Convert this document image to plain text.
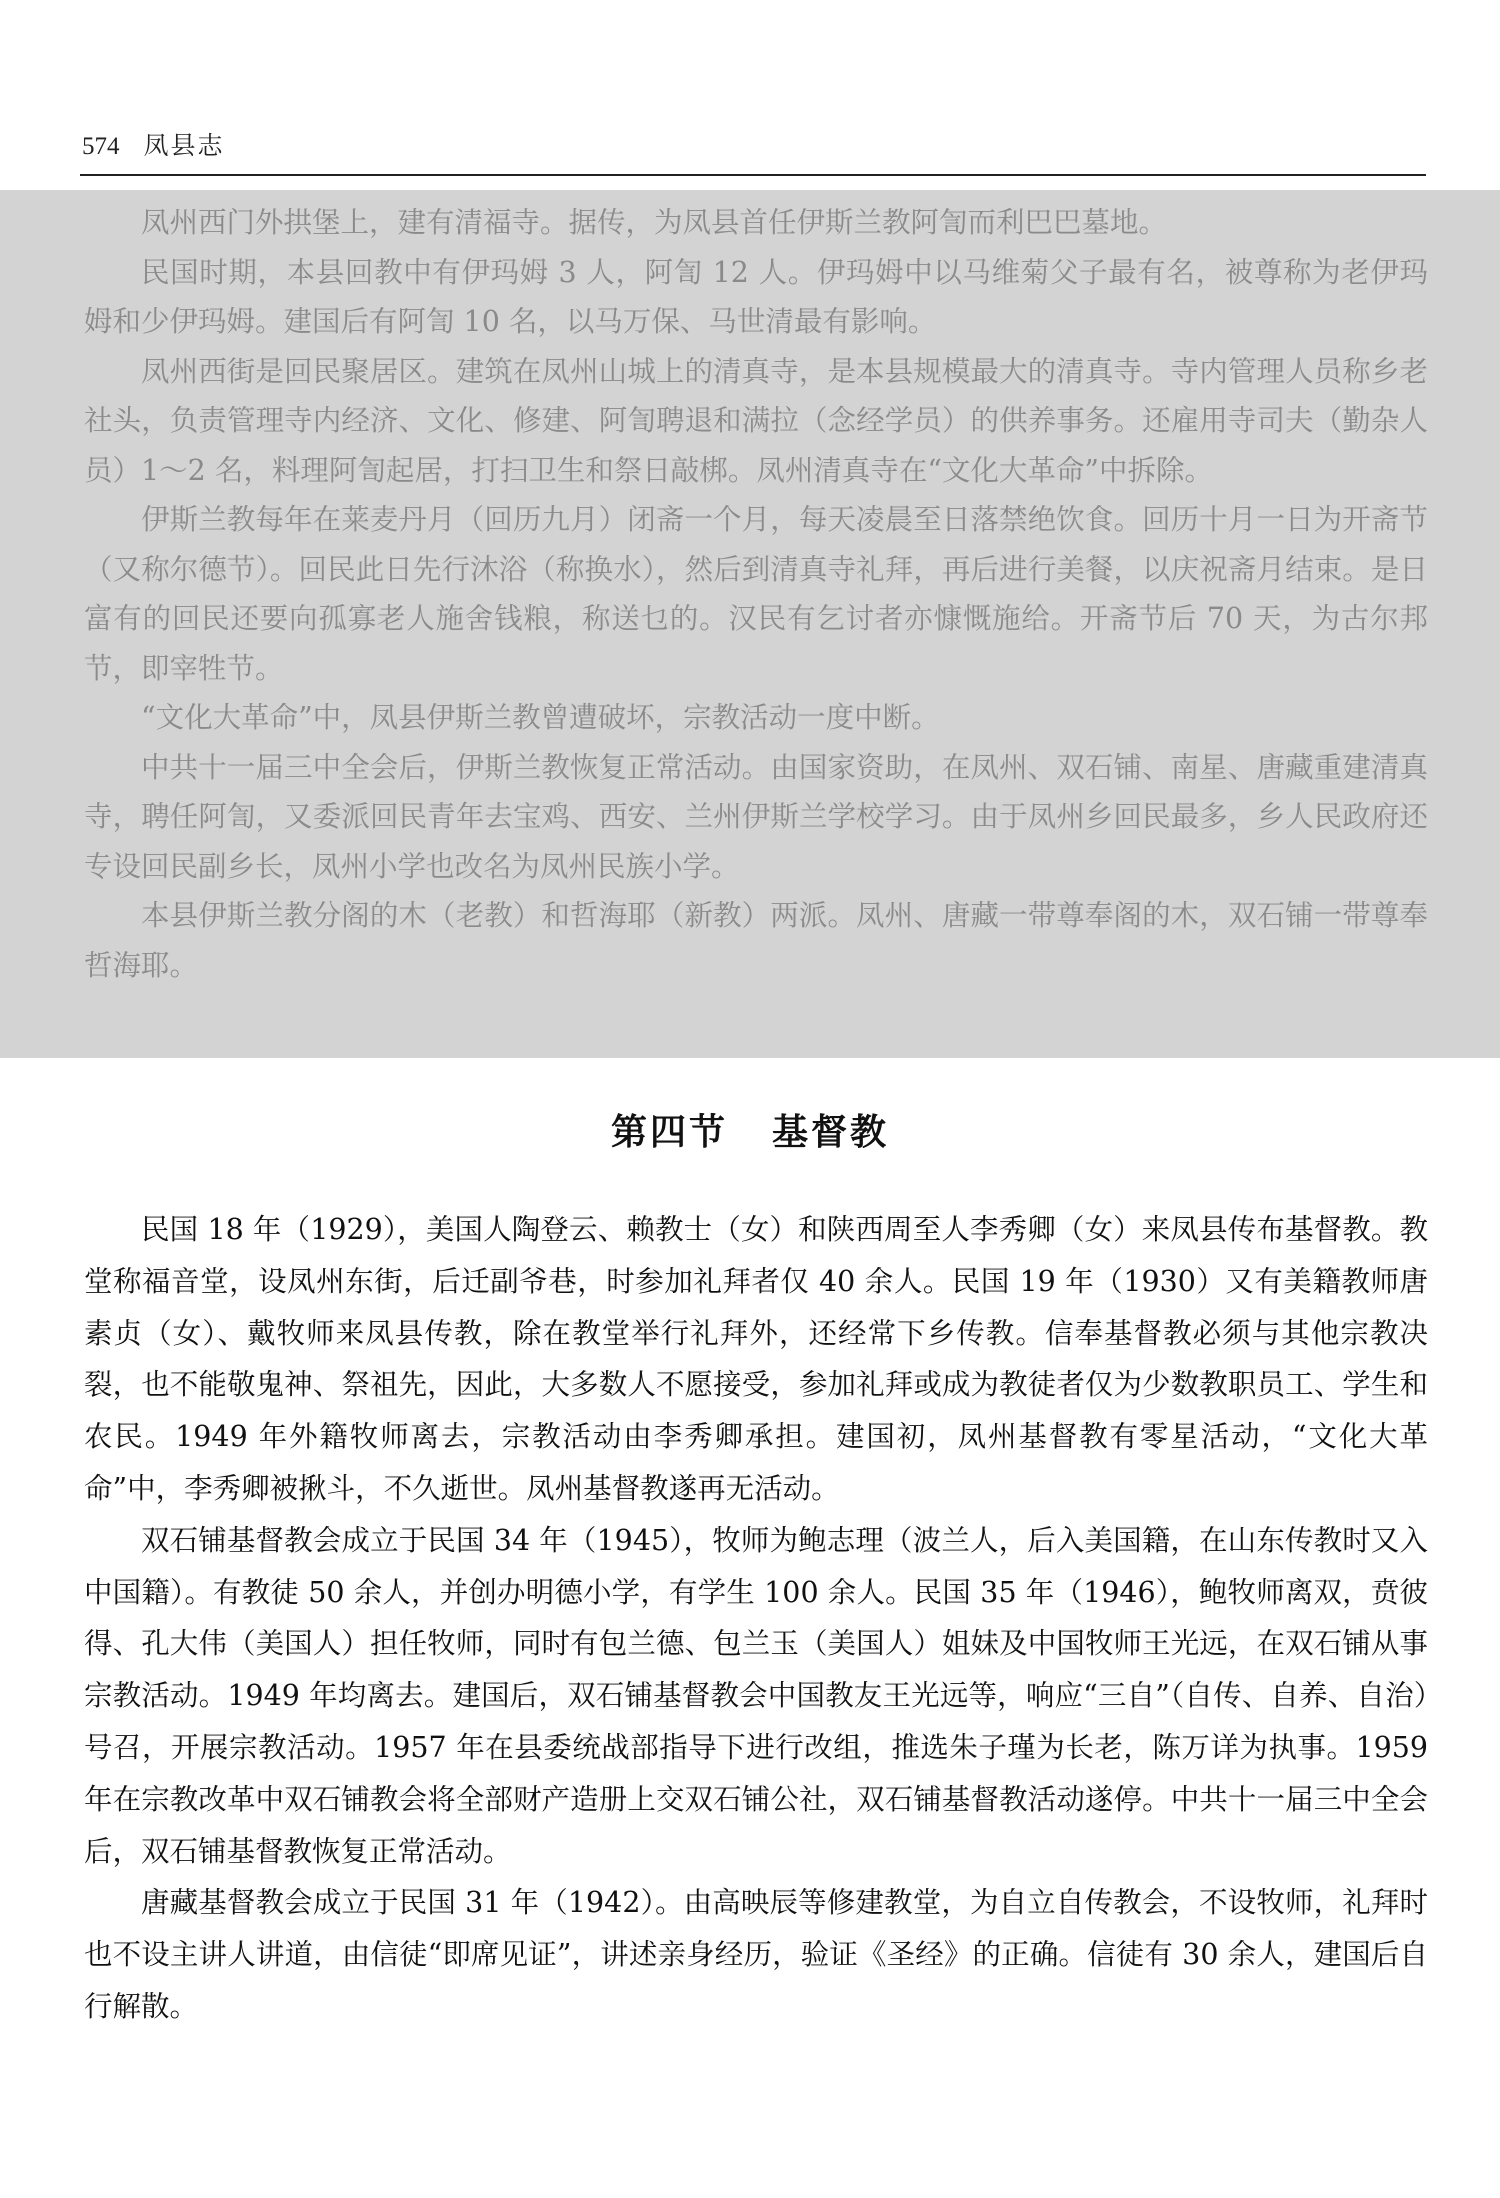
574 凤县志

凤州西门外拱堡上，建有清福寺。据传，为凤县首任伊斯兰教阿訇而利巴巴墓地。

民国时期，本县回教中有伊玛姆 3 人，阿訇 12 人。伊玛姆中以马维菊父子最有名，被尊称为老伊玛姆和少伊玛姆。建国后有阿訇 10 名，以马万保、马世清最有影响。

凤州西街是回民聚居区。建筑在凤州山城上的清真寺，是本县规模最大的清真寺。寺内管理人员称乡老社头，负责管理寺内经济、文化、修建、阿訇聘退和满拉（念经学员）的供养事务。还雇用寺司夫（勤杂人员）1～2 名，料理阿訇起居，打扫卫生和祭日敲梆。凤州清真寺在“文化大革命”中拆除。

伊斯兰教每年在莱麦丹月（回历九月）闭斋一个月，每天凌晨至日落禁绝饮食。回历十月一日为开斋节（又称尔德节）。回民此日先行沐浴（称换水），然后到清真寺礼拜，再后进行美餐，以庆祝斋月结束。是日富有的回民还要向孤寡老人施舍钱粮，称送乜的。汉民有乞讨者亦慷慨施给。开斋节后 70 天，为古尔邦节，即宰牲节。

“文化大革命”中，凤县伊斯兰教曾遭破坏，宗教活动一度中断。

中共十一届三中全会后，伊斯兰教恢复正常活动。由国家资助，在凤州、双石铺、南星、唐藏重建清真寺，聘任阿訇，又委派回民青年去宝鸡、西安、兰州伊斯兰学校学习。由于凤州乡回民最多，乡人民政府还专设回民副乡长，凤州小学也改名为凤州民族小学。

本县伊斯兰教分阁的木（老教）和哲海耶（新教）两派。凤州、唐藏一带尊奉阁的木，双石铺一带尊奉哲海耶。

第四节 基督教

民国 18 年（1929），美国人陶登云、赖教士（女）和陕西周至人李秀卿（女）来凤县传布基督教。教堂称福音堂，设凤州东街，后迁副爷巷，时参加礼拜者仅 40 余人。民国 19 年（1930）又有美籍教师唐素贞（女）、戴牧师来凤县传教，除在教堂举行礼拜外，还经常下乡传教。信奉基督教必须与其他宗教决裂，也不能敬鬼神、祭祖先，因此，大多数人不愿接受，参加礼拜或成为教徒者仅为少数教职员工、学生和农民。1949 年外籍牧师离去，宗教活动由李秀卿承担。建国初，凤州基督教有零星活动，“文化大革命”中，李秀卿被揪斗，不久逝世。凤州基督教遂再无活动。

双石铺基督教会成立于民国 34 年（1945），牧师为鲍志理（波兰人，后入美国籍，在山东传教时又入中国籍）。有教徒 50 余人，并创办明德小学，有学生 100 余人。民国 35 年（1946），鲍牧师离双，贲彼得、孔大伟（美国人）担任牧师，同时有包兰德、包兰玉（美国人）姐妹及中国牧师王光远，在双石铺从事宗教活动。1949 年均离去。建国后，双石铺基督教会中国教友王光远等，响应“三自”（自传、自养、自治）号召，开展宗教活动。1957 年在县委统战部指导下进行改组，推选朱子瑾为长老，陈万详为执事。1959 年在宗教改革中双石铺教会将全部财产造册上交双石铺公社，双石铺基督教活动遂停。中共十一届三中全会后，双石铺基督教恢复正常活动。

唐藏基督教会成立于民国 31 年（1942）。由高映辰等修建教堂，为自立自传教会，不设牧师，礼拜时也不设主讲人讲道，由信徒“即席见证”，讲述亲身经历，验证《圣经》的正确。信徒有 30 余人，建国后自行解散。
